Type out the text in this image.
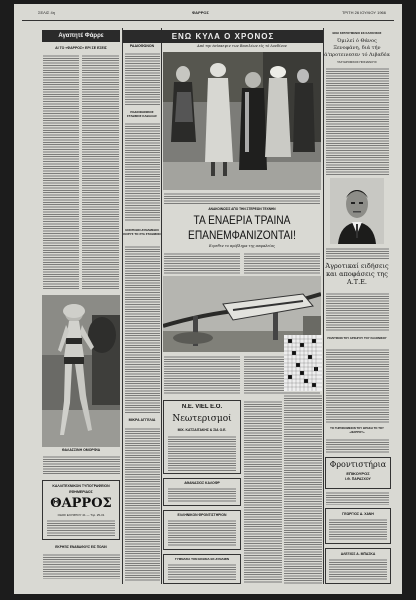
ΣΕΛΙΣ 4η	ΦΑΡΡΟΣ	ΤΡΙΤΗ 26 ΙΟΥΛΙΟΥ 1966
Αγαπητέ Φάρρε
ΑΙ ΤΟ «ΦΑΡΡΟΣ» ΕΡΙ ΣΕ ΕΣΕΙΣ
ΘΑΛΑΣΣΙΝΗ ΟΜΟΡΦΙΑ
ΚΑΛΛΙΤΕΧΝΙΚΟΝ ΤΥΠΟΓΡΑΦΕΙΟΝ
ΕΦΗΜΕΡΙΔΟΣ
ΘΑΡΡΟΣ
ΟΔΟΣ ΕΛΥΜΠΟΥ 41 — Τηλ. 25-31
ΕΚΡΗΞΙΣ ΕΝΑΒΑΘΟΥΣ ΕΙΣ ΠΟΛΙΝ
ΡΑΔΙΟΦΩΝΟΝ
ΡΑΔΙΟΦΩΝΙΚΟΣ ΣΤΑΘΜΟΣ ΚΑΒΑΛΑΣ
ΕΝΟΠΛΩΝ ΔΥΝΑΜΕΩΝ ΚΟΡΥΣ ΤΟ ΣΤΑ ΣΤΑΘΜΟΝ
ΜΙΚΡΑ ΑΓΓΕΛΙΑ
ΕΝΩ ΚΥΛΑ Ο ΧΡΟΝΟΣ
Από την έπίσκεψιν των Βασιλέων είς τό Λονδίνον
ΑΝΑΚΟΙΝΩΣΙΣ ΑΠΟ ΤΗΝ ΣΤΕΡΕΩΝ ΤΕΧΝΗΝ
ΤΑ ΕΝΑΕΡΙΑ ΤΡΑΙΝΑ
ΕΠΑΝΕΜΦΑΝΙΖΟΝΤΑΙ!
Ευρεθεν το πρόβλημα της ασφαλείας
Ν.Ε. VIEL Ε.Ο.
Νεωτερισμοί
ΜΙΧ. ΚΑΤΣΑΙΤΑΚΗΣ & ΣΙΑ Ο.Ε.
ΑΘΑΝΑΣΙΟΣ ΚΑΛΟΦΡ
ΕΛΛΗΝΙΚΟΝ ΦΡΟΝΤΙΣΤΗΡΙΟΝ
ΓΥΜΝΑΣΙΑ ΤΟΝ ΕΚΕΙΝΑ ΕΚ ΔΥΝΑΜΙΝ
ΕΚΕΙ ΚΡΑΤΟΥΜΕΝΟΙ ΕΚ ΚΑΡΑΣΙΚΟΣ
Όμιλεί ό Θάνος Ξενοφάνη, διά τήν ά'προτεινεσεν τό Λιβαδέα
ΤΑΧΥΔΡΟΜΙΚΟΣ ΠΙΣΣΙΑΙΝΟΥΣ
Άγροτικαί ειδήσεις και αποφάσεις της Α.Τ.Ε.
ΠΟΛΙΤΙΚΟΝ ΤΟΥ ΑΡΧΗΓΟΥ ΤΟΥ ΣΑΛΟΝΙΚΟΥ
ΤΟ ΓΗΡΟΚΟΜΕΙΟΝ ΤΟΥ ΘΡΑΚΗ ΤΟ ΤΟΥ «ΦΑΡΡΟΥ»
Φροντιστήρια
ΕΠΙΚΟΥΡΟΣ
Ι.Θ. ΠΑΡΑΣΧΟΥ
ΓΕΩΡΓΙΟΣ Δ. ΧΑΝΗ
ΑΛΕΞΙΟΣ Α. ΜΠΑΣΚΑ
